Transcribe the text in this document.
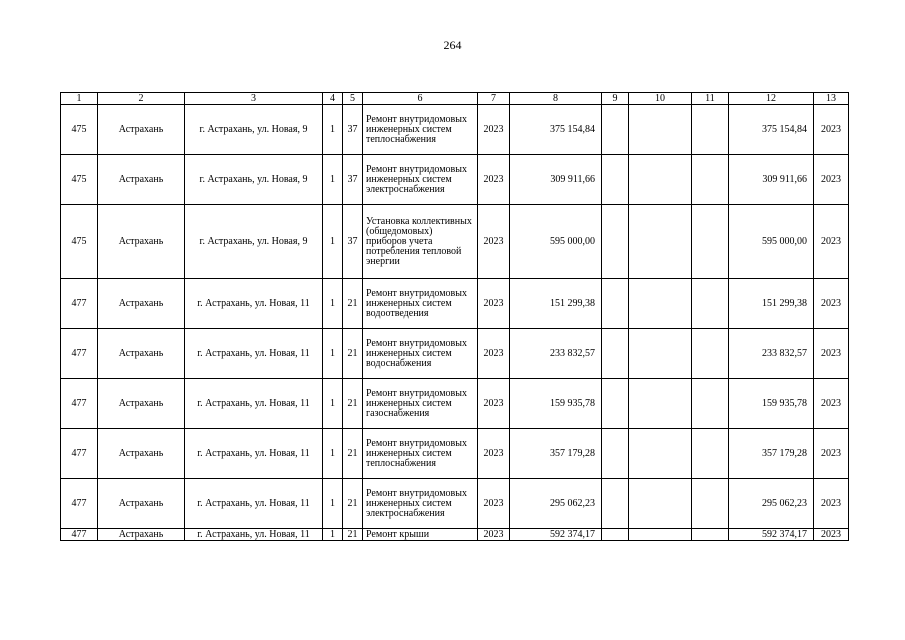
264
1	2	3	4	5	6	7	8	9	10	11	12	13
475	Астрахань	г. Астрахань, ул. Новая, 9	1	37	Ремонт внутридомовых инженерных систем теплоснабжения	2023	375 154,84				375 154,84	2023
475	Астрахань	г. Астрахань, ул. Новая, 9	1	37	Ремонт внутридомовых инженерных систем электроснабжения	2023	309 911,66				309 911,66	2023
475	Астрахань	г. Астрахань, ул. Новая, 9	1	37	Установка коллективных (общедомовых) приборов учета потребления тепловой энергии	2023	595 000,00				595 000,00	2023
477	Астрахань	г. Астрахань, ул. Новая, 11	1	21	Ремонт внутридомовых инженерных систем водоотведения	2023	151 299,38				151 299,38	2023
477	Астрахань	г. Астрахань, ул. Новая, 11	1	21	Ремонт внутридомовых инженерных систем водоснабжения	2023	233 832,57				233 832,57	2023
477	Астрахань	г. Астрахань, ул. Новая, 11	1	21	Ремонт внутридомовых инженерных систем газоснабжения	2023	159 935,78				159 935,78	2023
477	Астрахань	г. Астрахань, ул. Новая, 11	1	21	Ремонт внутридомовых инженерных систем теплоснабжения	2023	357 179,28				357 179,28	2023
477	Астрахань	г. Астрахань, ул. Новая, 11	1	21	Ремонт внутридомовых инженерных систем электроснабжения	2023	295 062,23				295 062,23	2023
477	Астрахань	г. Астрахань, ул. Новая, 11	1	21	Ремонт крыши	2023	592 374,17				592 374,17	2023
